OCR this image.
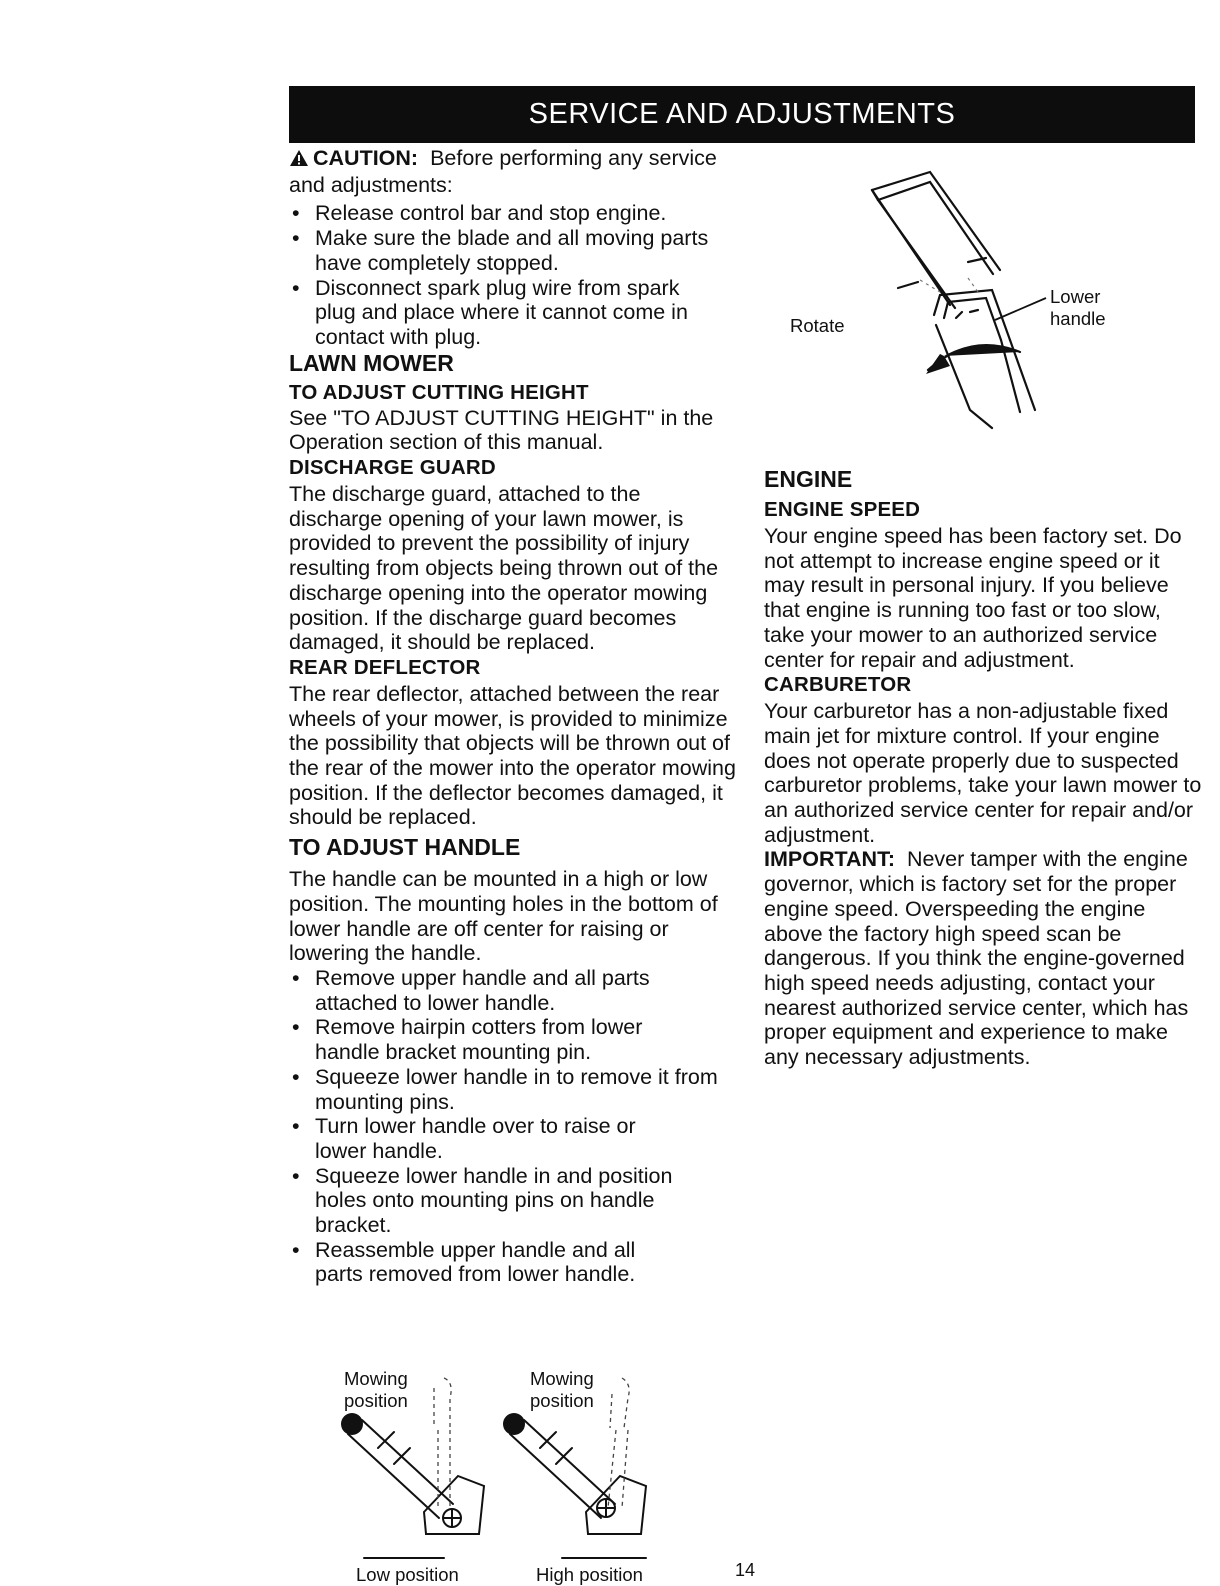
SERVICE AND ADJUSTMENTS

CAUTION: Before performing any service and adjustments:

• Release control bar and stop engine.
• Make sure the blade and all moving parts have completely stopped.
• Disconnect spark plug wire from spark plug and place where it cannot come in contact with plug.

LAWN MOWER

TO ADJUST CUTTING HEIGHT

See "TO ADJUST CUTTING HEIGHT" in the Operation section of this manual.

DISCHARGE GUARD

The discharge guard, attached to the discharge opening of your lawn mower, is provided to prevent the possibility of injury resulting from objects being thrown out of the discharge opening into the operator mowing position. If the discharge guard becomes damaged, it should be replaced.

REAR DEFLECTOR

The rear deflector, attached between the rear wheels of your mower, is provided to minimize the possibility that objects will be thrown out of the rear of the mower into the operator mowing position. If the deflector becomes damaged, it should be replaced.

TO ADJUST HANDLE

The handle can be mounted in a high or low position. The mounting holes in the bottom of lower handle are off center for raising or lowering the handle.

• Remove upper handle and all parts attached to lower handle.
• Remove hairpin cotters from lower handle bracket mounting pin.
• Squeeze lower handle in to remove it from mounting pins.
• Turn lower handle over to raise or lower handle.
• Squeeze lower handle in and position holes onto mounting pins on handle bracket.
• Reassemble upper handle and all parts removed from lower handle.

ENGINE

ENGINE SPEED

Your engine speed has been factory set. Do not attempt to increase engine speed or it may result in personal injury. If you believe that engine is running too fast or too slow, take your mower to an authorized service center for repair and adjustment.

CARBURETOR

Your carburetor has a non-adjustable fixed main jet for mixture control. If your engine does not operate properly due to suspected carburetor problems, take your lawn mower to an authorized service center for repair and/or adjustment.

IMPORTANT: Never tamper with the engine governor, which is factory set for the proper engine speed. Overspeeding the engine above the factory high speed scan be dangerous. If you think the engine-governed high speed needs adjusting, contact your nearest authorized service center, which has proper equipment and experience to make any necessary adjustments.

Rotate
Lower handle
Mowing position
Mowing position
Low position	High position	14
